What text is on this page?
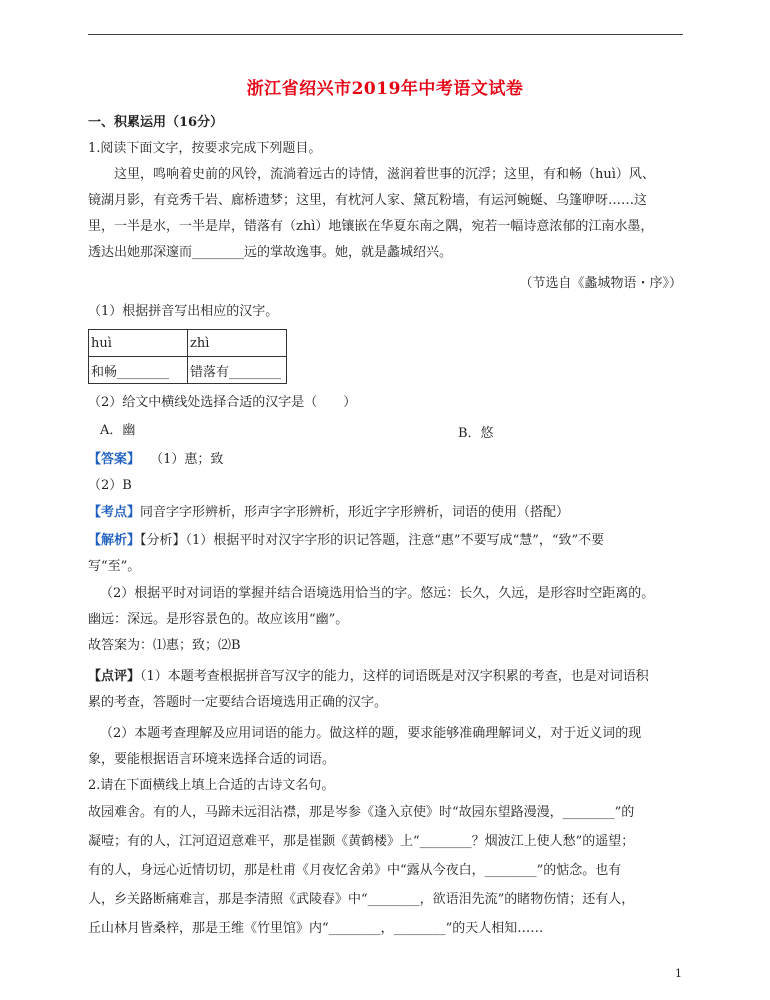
浙江省绍兴市2019年中考语文试卷
一、积累运用（16分）
1.阅读下面文字，按要求完成下列题目。
这里，鸣响着史前的风铃，流淌着远古的诗情，滋润着世事的沉浮；这里，有和畅（huì）风、
镜湖月影，有竞秀千岩、廊桥遗梦；这里，有枕河人家、黛瓦粉墙，有运河蜿蜒、乌篷咿呀……这
里，一半是水，一半是岸，错落有（zhì）地镶嵌在华夏东南之隅，宛若一幅诗意浓郁的江南水墨，
透达出她那深邃而________远的掌故逸事。她，就是蠡城绍兴。
（节选自《蠡城物语・序》）
（1）根据拼音写出相应的汉字。
huì	zhì
和畅________	错落有________
（2）给文中横线处选择合适的汉字是（　　）
A．幽	B．悠
【答案】 （1）惠；致
（2）B
【考点】同音字字形辨析，形声字字形辨析，形近字字形辨析，词语的使用（搭配）
【解析】【分析】（1）根据平时对汉字字形的识记答题，注意“惠”不要写成“慧”，“致”不要
写“至”。
（2）根据平时对词语的掌握并结合语境选用恰当的字。悠远：长久，久远，是形容时空距离的。
幽远：深远。是形容景色的。故应该用“幽”。
故答案为：⑴惠；致；⑵B
【点评】（1）本题考查根据拼音写汉字的能力，这样的词语既是对汉字积累的考查，也是对词语积
累的考查，答题时一定要结合语境选用正确的汉字。
（2）本题考查理解及应用词语的能力。做这样的题，要求能够准确理解词义，对于近义词的现
象，要能根据语言环境来选择合适的词语。
2.请在下面横线上填上合适的古诗文名句。
故园难舍。有的人，马蹄未远泪沾襟，那是岑参《逢入京使》时“故园东望路漫漫，________”的
凝噎；有的人，江河迢迢意难平，那是崔颢《黄鹤楼》上“________？烟波江上使人愁”的遥望；
有的人，身远心近情切切，那是杜甫《月夜忆舍弟》中“露从今夜白，________”的惦念。也有
人，乡关路断痛难言，那是李清照《武陵春》中“________，欲语泪先流”的睹物伤情；还有人，
丘山林月皆桑梓，那是王维《竹里馆》内“________，________”的天人相知……
1
